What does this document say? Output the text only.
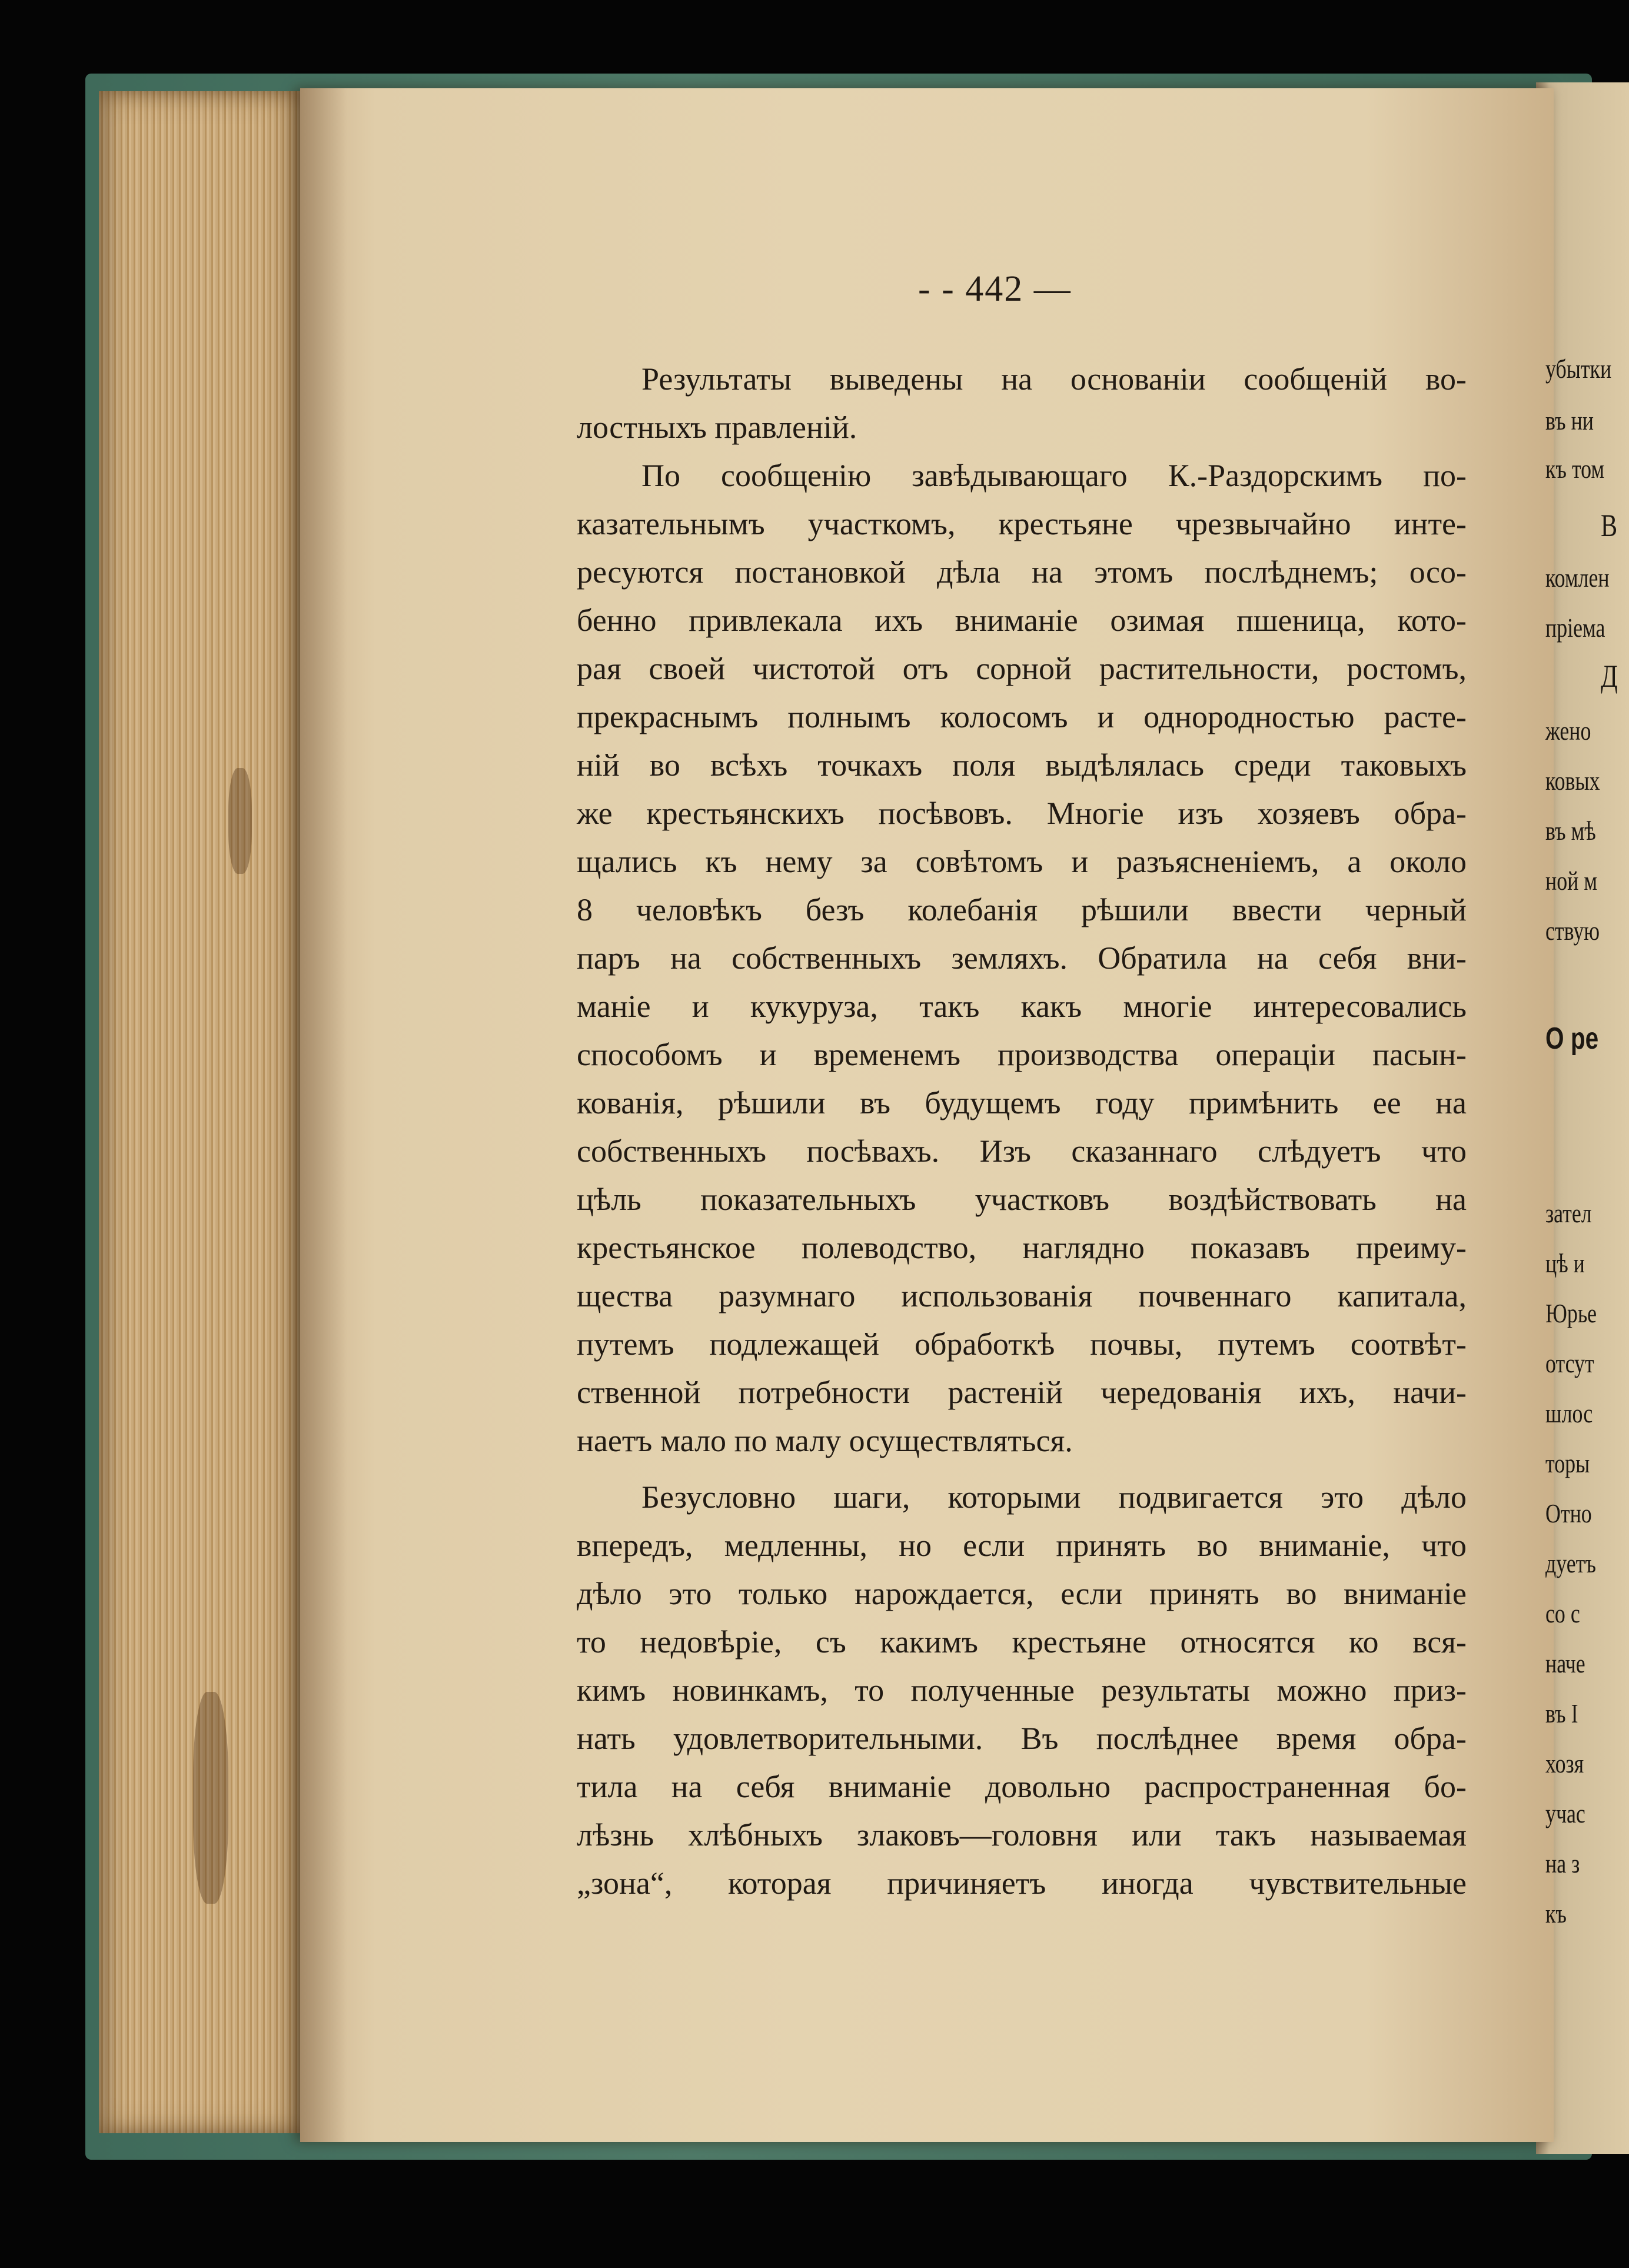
- - 442 —
Результаты выведены на основанiи сообщенiй во-
лостныхъ правленiй.
По сообщенiю завѣдывающаго К.-Раздорскимъ по-
казательнымъ участкомъ, крестьяне чрезвычайно инте-
ресуются постановкой дѣла на этомъ послѣднемъ; осо-
бенно привлекала ихъ вниманiе озимая пшеница, кото-
рая своей чистотой отъ сорной растительности, ростомъ,
прекраснымъ полнымъ колосомъ и однородностью расте-
нiй во всѣхъ точкахъ поля выдѣлялась среди таковыхъ
же крестьянскихъ посѣвовъ. Многiе изъ хозяевъ обра-
щались къ нему за совѣтомъ и разъясненiемъ, а около
8 человѣкъ безъ колебанiя рѣшили ввести черный
паръ на собственныхъ земляхъ. Обратила на себя вни-
манiе и кукуруза, такъ какъ многiе интересовались
способомъ и временемъ производства операцiи пасын-
кованiя, рѣшили въ будущемъ году примѣнить ее на
собственныхъ посѣвахъ. Изъ сказаннаго слѣдуетъ что
цѣль показательныхъ участковъ воздѣйствовать на
крестьянское полеводство, наглядно показавъ преиму-
щества разумнаго использованiя почвеннаго капитала,
путемъ подлежащей обработкѣ почвы, путемъ соотвѣт-
ственной потребности растенiй чередованiя ихъ, начи-
наетъ мало по малу осуществляться.
Безусловно шаги, которыми подвигается это дѣло
впередъ, медленны, но если принять во вниманiе, что
дѣло это только нарождается, если принять во вниманiе
то недовѣрiе, съ какимъ крестьяне относятся ко вся-
кимъ новинкамъ, то полученные результаты можно приз-
нать удовлетворительными. Въ послѣднее время обра-
тила на себя вниманiе довольно распространенная бо-
лѣзнь хлѣбныхъ злаковъ—головня или такъ называемая
„зона“, которая причиняетъ иногда чувствительные
убытки
въ ни
къ том
В
комлен
прiема
Д
жено
ковых
въ мѣ
ной м
ствую
О ре
зател
цѣ и
Юрье
отсут
шлос
торы
Отно
дуетъ
со с
наче
въ І
хозя
учас
на з
къ
